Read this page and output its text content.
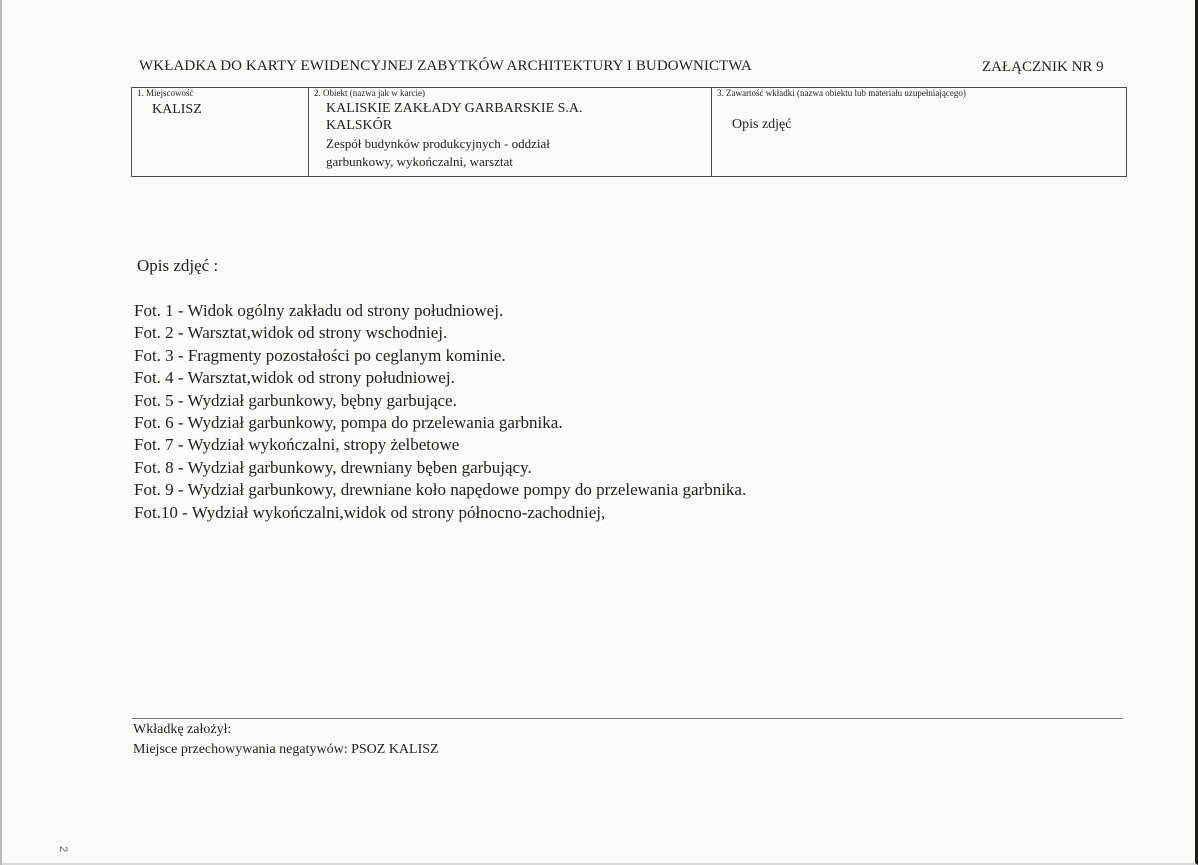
WKŁADKA DO KARTY EWIDENCYJNEJ ZABYTKÓW ARCHITEKTURY I BUDOWNICTWA	ZAŁĄCZNIK NR 9
1. Miejscowość
KALISZ

2. Obiekt (nazwa jak w karcie)
KALISKIE ZAKŁADY GARBARSKIE S.A.
KALSKÓR
Zespół budynków produkcyjnych - oddział
garbunkowy, wykończalni, warsztat

3. Zawartość wkładki (nazwa obiektu lub materiału uzupełniającego)
Opis zdjęć
Opis zdjęć :
Fot. 1 - Widok ogólny zakładu od strony południowej.
Fot. 2 - Warsztat,widok od strony wschodniej.
Fot. 3 - Fragmenty pozostałości po ceglanym kominie.
Fot. 4 - Warsztat,widok od strony południowej.
Fot. 5 - Wydział garbunkowy, bębny garbujące.
Fot. 6 - Wydział garbunkowy, pompa do przelewania garbnika.
Fot. 7 - Wydział wykończalni, stropy żelbetowe
Fot. 8 - Wydział garbunkowy, drewniany bęben garbujący.
Fot. 9 - Wydział garbunkowy, drewniane koło napędowe pompy do przelewania garbnika.
Fot.10 - Wydział wykończalni,widok od strony północno-zachodniej,
Wkładkę założył:
Miejsce przechowywania negatywów: PSOZ KALISZ
2
